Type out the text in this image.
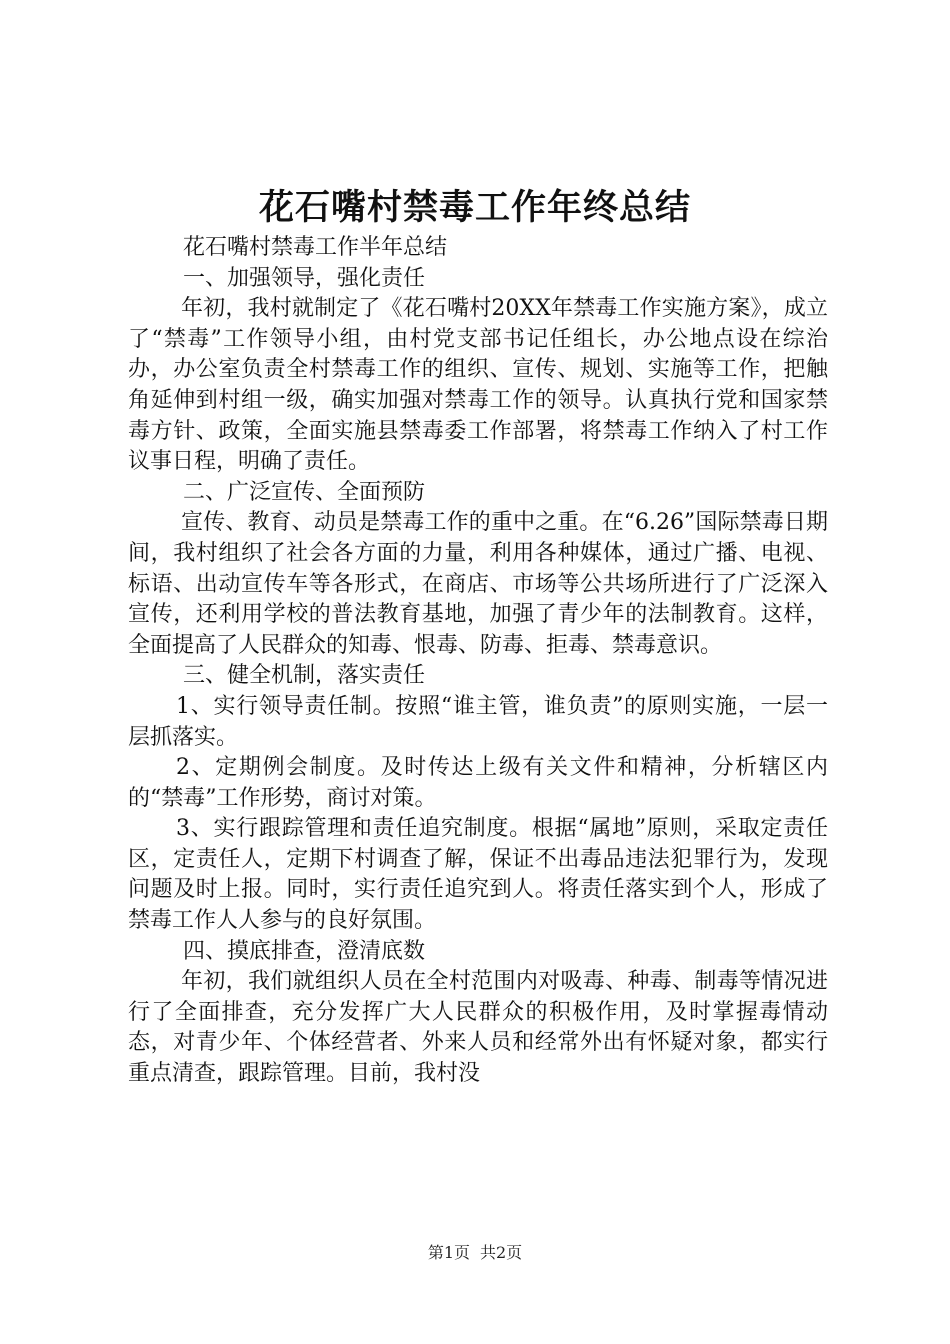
花石嘴村禁毒工作年终总结

花石嘴村禁毒工作半年总结

一、加强领导，强化责任

年初，我村就制定了《花石嘴村20XX年禁毒工作实施方案》，成立了“禁毒”工作领导小组，由村党支部书记任组长，办公地点设在综治办，办公室负责全村禁毒工作的组织、宣传、规划、实施等工作，把触角延伸到村组一级，确实加强对禁毒工作的领导。认真执行党和国家禁毒方针、政策，全面实施县禁毒委工作部署，将禁毒工作纳入了村工作议事日程，明确了责任。

二、广泛宣传、全面预防

宣传、教育、动员是禁毒工作的重中之重。在“6.26”国际禁毒日期间，我村组织了社会各方面的力量，利用各种媒体，通过广播、电视、标语、出动宣传车等各形式，在商店、市场等公共场所进行了广泛深入宣传，还利用学校的普法教育基地，加强了青少年的法制教育。这样，全面提高了人民群众的知毒、恨毒、防毒、拒毒、禁毒意识。

三、健全机制，落实责任

1、实行领导责任制。按照“谁主管，谁负责”的原则实施，一层一层抓落实。

2、定期例会制度。及时传达上级有关文件和精神，分析辖区内的“禁毒”工作形势，商讨对策。

3、实行跟踪管理和责任追究制度。根据“属地”原则，采取定责任区，定责任人，定期下村调查了解，保证不出毒品违法犯罪行为，发现问题及时上报。同时，实行责任追究到人。将责任落实到个人，形成了禁毒工作人人参与的良好氛围。

四、摸底排查，澄清底数

年初，我们就组织人员在全村范围内对吸毒、种毒、制毒等情况进行了全面排查，充分发挥广大人民群众的积极作用，及时掌握毒情动态，对青少年、个体经营者、外来人员和经常外出有怀疑对象，都实行重点清查，跟踪管理。目前，我村没

第1页 共2页
